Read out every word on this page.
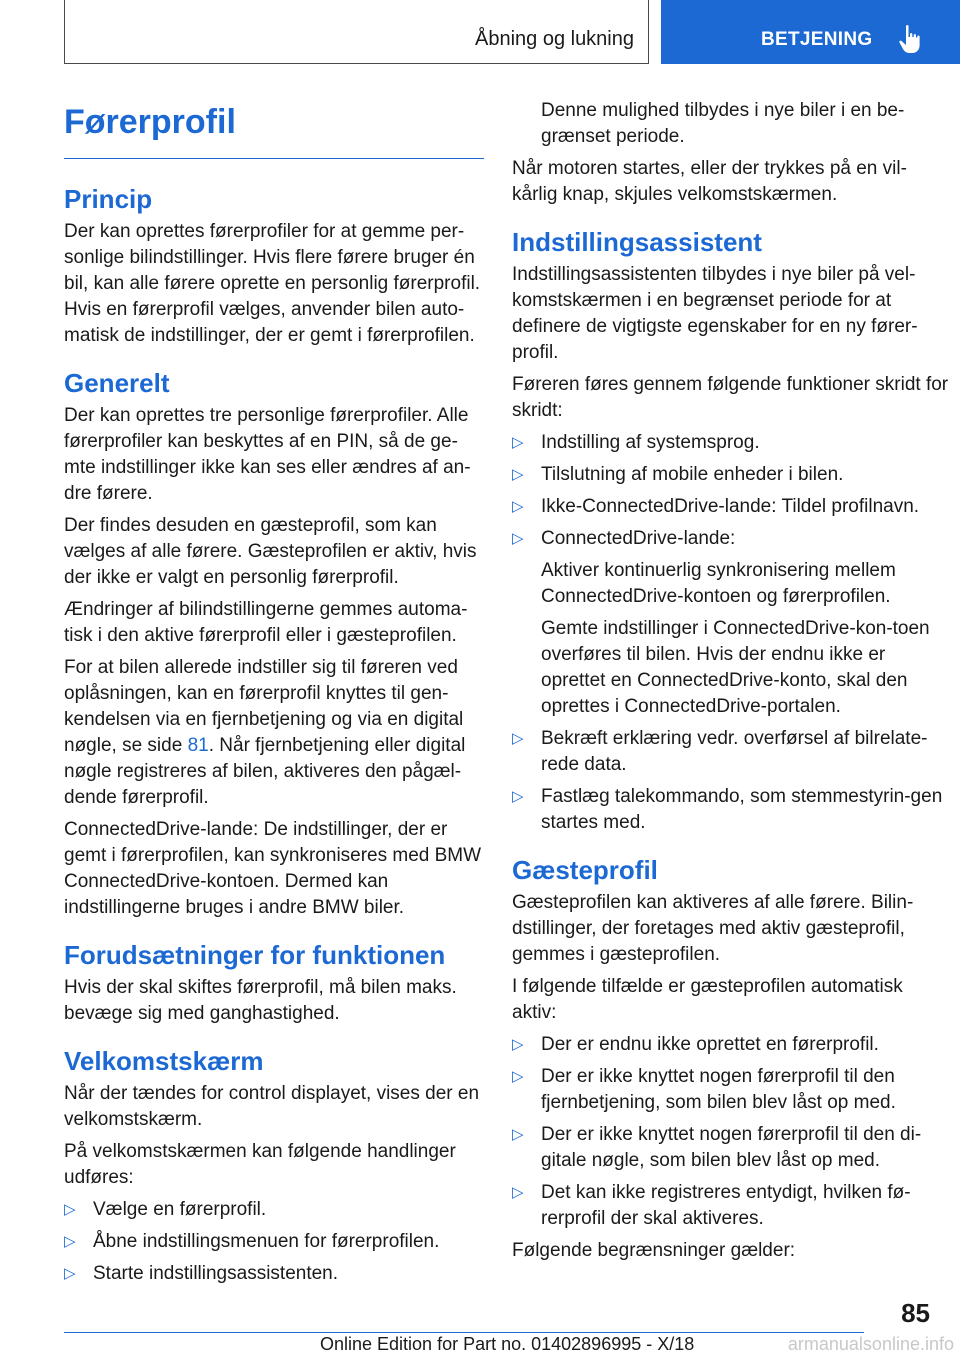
Åbning og lukning	BETJENING
Førerprofil
Princip

Der kan oprettes førerprofiler for at gemme per-sonlige bilindstillinger. Hvis flere førere bruger én bil, kan alle førere oprette en personlig førerprofil. Hvis en førerprofil vælges, anvender bilen auto-matisk de indstillinger, der er gemt i førerprofilen.

Generelt

Der kan oprettes tre personlige førerprofiler. Alle førerprofiler kan beskyttes af en PIN, så de ge-mte indstillinger ikke kan ses eller ændres af an-dre førere.

Der findes desuden en gæsteprofil, som kan vælges af alle førere. Gæsteprofilen er aktiv, hvis der ikke er valgt en personlig førerprofil.

Ændringer af bilindstillingerne gemmes automa-tisk i den aktive førerprofil eller i gæsteprofilen.

For at bilen allerede indstiller sig til føreren ved oplåsningen, kan en førerprofil knyttes til gen-kendelsen via en fjernbetjening og via en digital nøgle, se side 81. Når fjernbetjening eller digital nøgle registreres af bilen, aktiveres den pågæl-dende førerprofil.

ConnectedDrive-lande: De indstillinger, der er gemt i førerprofilen, kan synkroniseres med BMW ConnectedDrive-kontoen. Dermed kan indstillingerne bruges i andre BMW biler.

Forudsætninger for funktionen

Hvis der skal skiftes førerprofil, må bilen maks. bevæge sig med ganghastighed.

Velkomstskærm

Når der tændes for control displayet, vises der en velkomstskærm.

På velkomstskærmen kan følgende handlinger udføres:

▷ Vælge en førerprofil.
▷ Åbne indstillingsmenuen for førerprofilen.
▷ Starte indstillingsassistenten.

Denne mulighed tilbydes i nye biler i en be-grænset periode.

Når motoren startes, eller der trykkes på en vil-kårlig knap, skjules velkomstskærmen.

Indstillingsassistent

Indstillingsassistenten tilbydes i nye biler på vel-komstskærmen i en begrænset periode for at definere de vigtigste egenskaber for en ny fører-profil.

Føreren føres gennem følgende funktioner skridt for skridt:

▷ Indstilling af systemsprog.
▷ Tilslutning af mobile enheder i bilen.
▷ Ikke-ConnectedDrive-lande: Tildel profilnavn.
▷ ConnectedDrive-lande:

Aktiver kontinuerlig synkronisering mellem ConnectedDrive-kontoen og førerprofilen.

Gemte indstillinger i ConnectedDrive-kon-toen overføres til bilen. Hvis der endnu ikke er oprettet en ConnectedDrive-konto, skal den oprettes i ConnectedDrive-portalen.

▷ Bekræft erklæring vedr. overførsel af bilrelate-rede data.
▷ Fastlæg talekommando, som stemmestyrin-gen startes med.
Gæsteprofil

Gæsteprofilen kan aktiveres af alle førere. Bilin-dstillinger, der foretages med aktiv gæsteprofil, gemmes i gæsteprofilen.

I følgende tilfælde er gæsteprofilen automatisk aktiv:

▷ Der er endnu ikke oprettet en førerprofil.
▷ Der er ikke knyttet nogen førerprofil til den fjernbetjening, som bilen blev låst op med.
▷ Der er ikke knyttet nogen førerprofil til den di-gitale nøgle, som bilen blev låst op med.
▷ Det kan ikke registreres entydigt, hvilken fø-rerprofil der skal aktiveres.

Følgende begrænsninger gælder:

85
Online Edition for Part no. 01402896995 - X/18	armanualsonline.info
